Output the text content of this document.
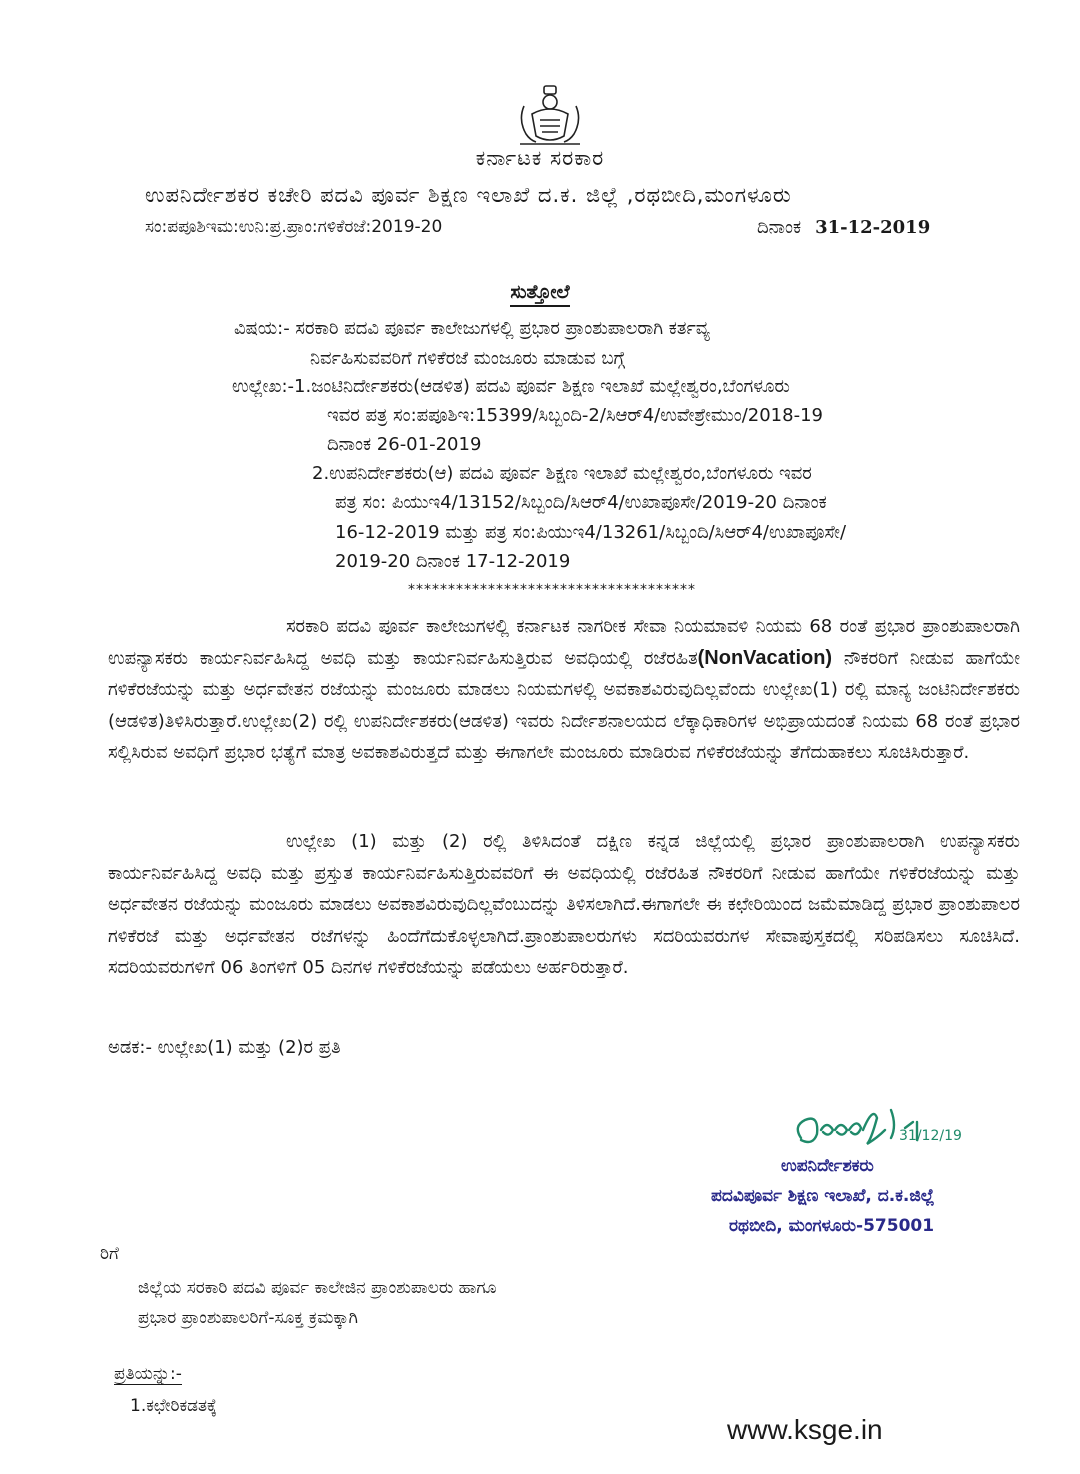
ಕರ್ನಾಟಕ ಸರಕಾರ
ಉಪನಿರ್ದೇಶಕರ ಕಚೇರಿ ಪದವಿ ಪೂರ್ವ ಶಿಕ್ಷಣ ಇಲಾಖೆ ದ.ಕ. ಜಿಲ್ಲೆ ,ರಥಬೀದಿ,ಮಂಗಳೂರು
ಸಂ:ಪಪೂಶಿಇಮ:ಉನಿ:ಪ್ರ.ಪ್ರಾಂ:ಗಳಿಕೆರಜೆ:2019-20	ದಿನಾಂಕ 31-12-2019
ಸುತ್ತೋಲೆ
ವಿಷಯ:- ಸರಕಾರಿ ಪದವಿ ಪೂರ್ವ ಕಾಲೇಜುಗಳಲ್ಲಿ ಪ್ರಭಾರ ಪ್ರಾಂಶುಪಾಲರಾಗಿ ಕರ್ತವ್ಯ
ನಿರ್ವಹಿಸುವವರಿಗೆ ಗಳಿಕೆರಜೆ ಮಂಜೂರು ಮಾಡುವ ಬಗ್ಗೆ
ಉಲ್ಲೇಖ:-1.ಜಂಟಿನಿರ್ದೇಶಕರು(ಆಡಳಿತ) ಪದವಿ ಪೂರ್ವ ಶಿಕ್ಷಣ ಇಲಾಖೆ ಮಲ್ಲೇಶ್ವರಂ,ಬೆಂಗಳೂರು
ಇವರ ಪತ್ರ ಸಂ:ಪಪೂಶಿಇ:15399/ಸಿಬ್ಬಂದಿ-2/ಸಿಆರ್4/ಉವೇಶ್ರೇಮುಂ/2018-19
ದಿನಾಂಕ 26-01-2019
2.ಉಪನಿರ್ದೇಶಕರು(ಆ) ಪದವಿ ಪೂರ್ವ ಶಿಕ್ಷಣ ಇಲಾಖೆ ಮಲ್ಲೇಶ್ವರಂ,ಬೆಂಗಳೂರು ಇವರ
ಪತ್ರ ಸಂ: ಪಿಯುಇ4/13152/ಸಿಬ್ಬಂದಿ/ಸಿಆರ್4/ಉಖಾಪೂಸೇ/2019-20 ದಿನಾಂಕ
16-12-2019 ಮತ್ತು ಪತ್ರ ಸಂ:ಪಿಯುಇ4/13261/ಸಿಬ್ಬಂದಿ/ಸಿಆರ್4/ಉಖಾಪೂಸೇ/
2019-20 ದಿನಾಂಕ 17-12-2019
************************************
ಸರಕಾರಿ ಪದವಿ ಪೂರ್ವ ಕಾಲೇಜುಗಳಲ್ಲಿ ಕರ್ನಾಟಕ ನಾಗರೀಕ ಸೇವಾ ನಿಯಮಾವಳಿ ನಿಯಮ 68 ರಂತೆ ಪ್ರಭಾರ ಪ್ರಾಂಶುಪಾಲರಾಗಿ ಉಪನ್ಯಾಸಕರು ಕಾರ್ಯನಿರ್ವಹಿಸಿದ್ದ ಅವಧಿ ಮತ್ತು ಕಾರ್ಯನಿರ್ವಹಿಸುತ್ತಿರುವ ಅವಧಿಯಲ್ಲಿ ರಜೆರಹಿತ(NonVacation) ನೌಕರರಿಗೆ ನೀಡುವ ಹಾಗೆಯೇ ಗಳಿಕೆರಜೆಯನ್ನು ಮತ್ತು ಅರ್ಧವೇತನ ರಜೆಯನ್ನು ಮಂಜೂರು ಮಾಡಲು ನಿಯಮಗಳಲ್ಲಿ ಅವಕಾಶವಿರುವುದಿಲ್ಲವೆಂದು ಉಲ್ಲೇಖ(1) ರಲ್ಲಿ ಮಾನ್ಯ ಜಂಟಿನಿರ್ದೇಶಕರು (ಆಡಳಿತ)ತಿಳಿಸಿರುತ್ತಾರೆ.ಉಲ್ಲೇಖ(2) ರಲ್ಲಿ ಉಪನಿರ್ದೇಶಕರು(ಆಡಳಿತ) ಇವರು ನಿರ್ದೇಶನಾಲಯದ ಲೆಕ್ಕಾಧಿಕಾರಿಗಳ ಅಭಿಪ್ರಾಯದಂತೆ ನಿಯಮ 68 ರಂತೆ ಪ್ರಭಾರ ಸಲ್ಲಿಸಿರುವ ಅವಧಿಗೆ ಪ್ರಭಾರ ಭತ್ಯೆಗೆ ಮಾತ್ರ ಅವಕಾಶವಿರುತ್ತದೆ ಮತ್ತು ಈಗಾಗಲೇ ಮಂಜೂರು ಮಾಡಿರುವ ಗಳಿಕೆರಜೆಯನ್ನು ತೆಗೆದುಹಾಕಲು ಸೂಚಿಸಿರುತ್ತಾರೆ.
ಉಲ್ಲೇಖ (1) ಮತ್ತು (2) ರಲ್ಲಿ ತಿಳಿಸಿದಂತೆ ದಕ್ಷಿಣ ಕನ್ನಡ ಜಿಲ್ಲೆಯಲ್ಲಿ ಪ್ರಭಾರ ಪ್ರಾಂಶುಪಾಲರಾಗಿ ಉಪನ್ಯಾಸಕರು ಕಾರ್ಯನಿರ್ವಹಿಸಿದ್ದ ಅವಧಿ ಮತ್ತು ಪ್ರಸ್ತುತ ಕಾರ್ಯನಿರ್ವಹಿಸುತ್ತಿರುವವರಿಗೆ ಈ ಅವಧಿಯಲ್ಲಿ ರಜೆರಹಿತ ನೌಕರರಿಗೆ ನೀಡುವ ಹಾಗೆಯೇ ಗಳಿಕೆರಜೆಯನ್ನು ಮತ್ತು ಅರ್ಧವೇತನ ರಜೆಯನ್ನು ಮಂಜೂರು ಮಾಡಲು ಅವಕಾಶವಿರುವುದಿಲ್ಲವೆಂಬುದನ್ನು ತಿಳಿಸಲಾಗಿದೆ.ಈಗಾಗಲೇ ಈ ಕಛೇರಿಯಿಂದ ಜಮೆಮಾಡಿದ್ದ ಪ್ರಭಾರ ಪ್ರಾಂಶುಪಾಲರ ಗಳಿಕೆರಜೆ ಮತ್ತು ಅರ್ಧವೇತನ ರಜೆಗಳನ್ನು ಹಿಂದೆಗೆದುಕೊಳ್ಳಲಾಗಿದೆ.ಪ್ರಾಂಶುಪಾಲರುಗಳು ಸದರಿಯವರುಗಳ ಸೇವಾಪುಸ್ತಕದಲ್ಲಿ ಸರಿಪಡಿಸಲು ಸೂಚಿಸಿದೆ. ಸದರಿಯವರುಗಳಿಗೆ 06 ತಿಂಗಳಿಗೆ 05 ದಿನಗಳ ಗಳಿಕೆರಜೆಯನ್ನು ಪಡೆಯಲು ಅರ್ಹರಿರುತ್ತಾರೆ.
ಅಡಕ:- ಉಲ್ಲೇಖ(1) ಮತ್ತು (2)ರ ಪ್ರತಿ
31/12/19
ಉಪನಿರ್ದೇಶಕರು
ಪದವಿಪೂರ್ವ ಶಿಕ್ಷಣ ಇಲಾಖೆ, ದ.ಕ.ಜಿಲ್ಲೆ
ರಥಬೀದಿ, ಮಂಗಳೂರು-575001
ರಿಗೆ
ಜಿಲ್ಲೆಯ ಸರಕಾರಿ ಪದವಿ ಪೂರ್ವ ಕಾಲೇಜಿನ ಪ್ರಾಂಶುಪಾಲರು ಹಾಗೂ
ಪ್ರಭಾರ ಪ್ರಾಂಶುಪಾಲರಿಗೆ-ಸೂಕ್ತ ಕ್ರಮಕ್ಕಾಗಿ
ಪ್ರತಿಯನ್ನು:-
1.ಕಛೇರಿಕಡತಕ್ಕೆ
www.ksge.in
